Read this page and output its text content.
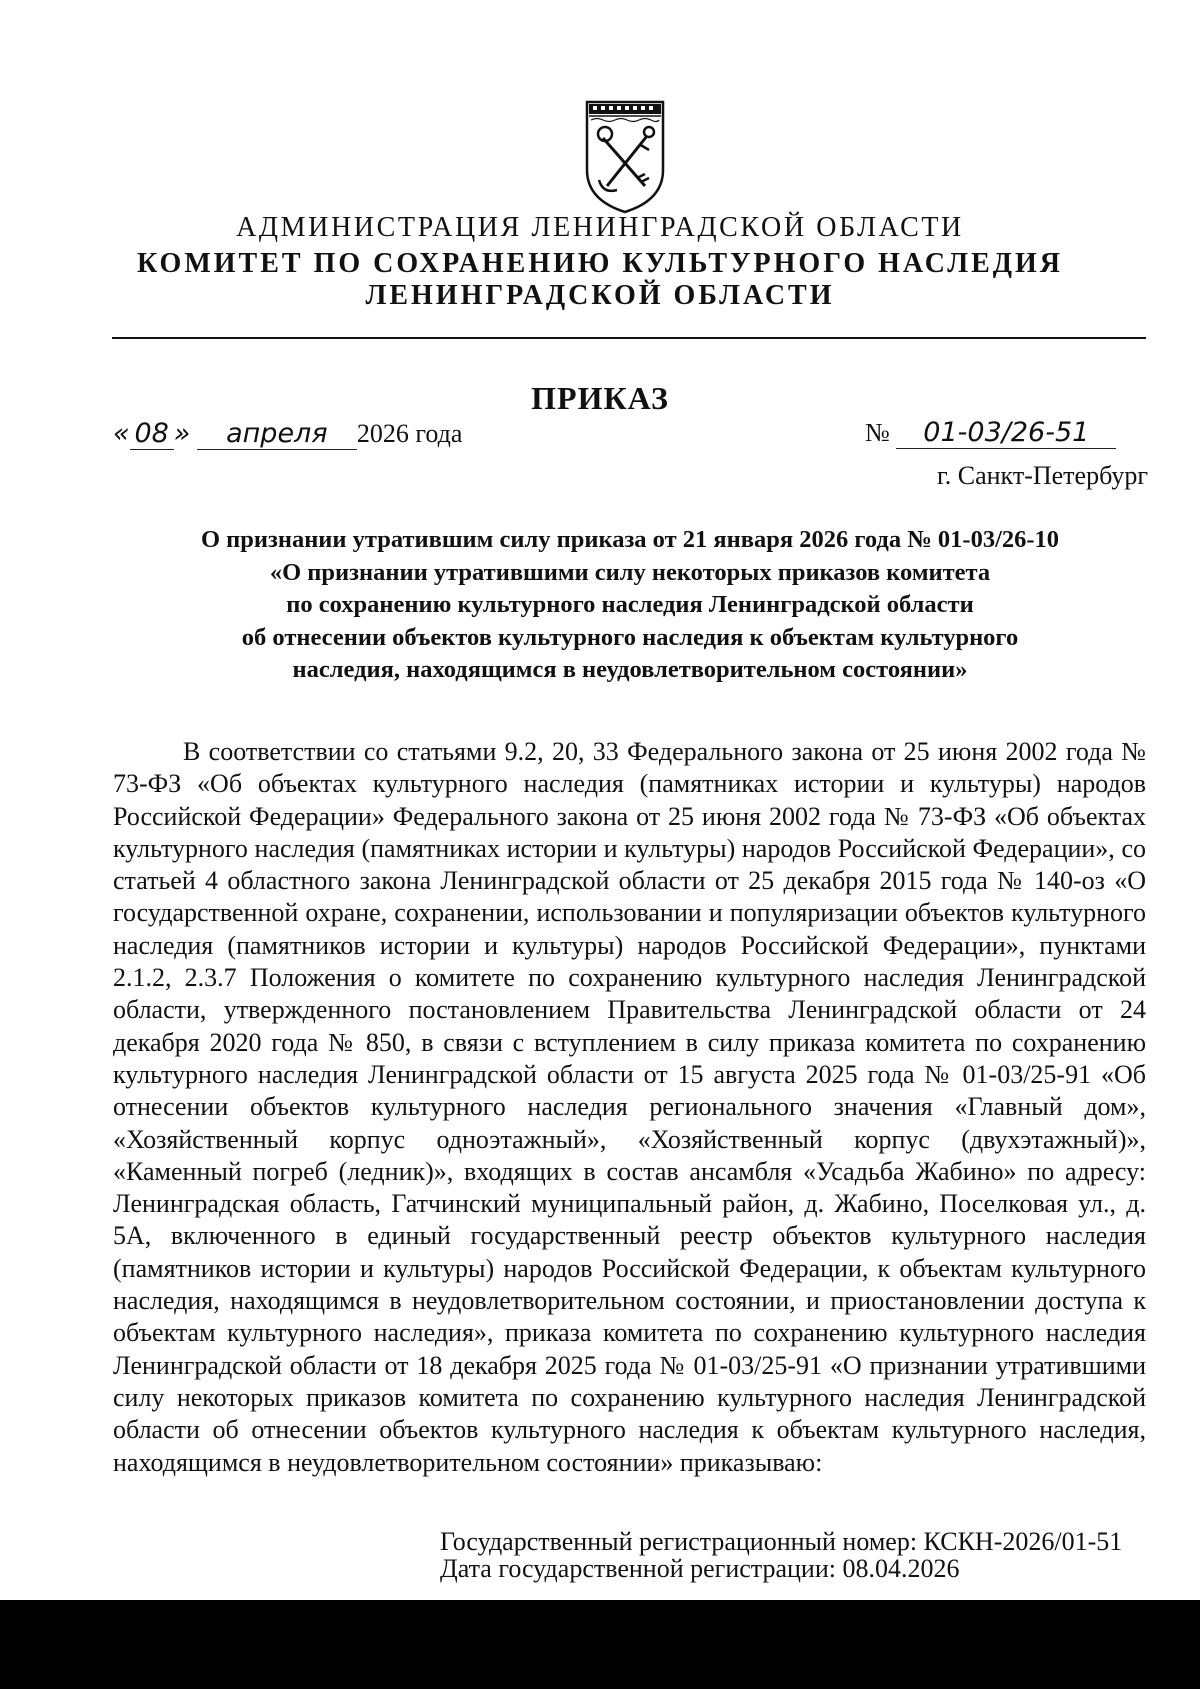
АДМИНИСТРАЦИЯ ЛЕНИНГРАДСКОЙ ОБЛАСТИ
КОМИТЕТ ПО СОХРАНЕНИЮ КУЛЬТУРНОГО НАСЛЕДИЯ
ЛЕНИНГРАДСКОЙ ОБЛАСТИ
ПРИКАЗ
« 08 » апреля 2026 года	№ 01-03/26-51
г. Санкт-Петербург
О признании утратившим силу приказа от 21 января 2026 года № 01-03/26-10
«О признании утратившими силу некоторых приказов комитета
по сохранению культурного наследия Ленинградской области
об отнесении объектов культурного наследия к объектам культурного
наследия, находящимся в неудовлетворительном состоянии»

В соответствии со статьями 9.2, 20, 33 Федерального закона от 25 июня 2002 года № 73-ФЗ «Об объектах культурного наследия (памятниках истории и культуры) народов Российской Федерации» Федерального закона от 25 июня 2002 года № 73-ФЗ «Об объектах культурного наследия (памятниках истории и культуры) народов Российской Федерации», со статьей 4 областного закона Ленинградской области от 25 декабря 2015 года № 140-оз «О государственной охране, сохранении, использовании и популяризации объектов культурного наследия (памятников истории и культуры) народов Российской Федерации», пунктами 2.1.2, 2.3.7 Положения о комитете по сохранению культурного наследия Ленинградской области, утвержденного постановлением Правительства Ленинградской области от 24 декабря 2020 года № 850, в связи с вступлением в силу приказа комитета по сохранению культурного наследия Ленинградской области от 15 августа 2025 года № 01-03/25-91 «Об отнесении объектов культурного наследия регионального значения «Главный дом», «Хозяйственный корпус одноэтажный», «Хозяйственный корпус (двухэтажный)», «Каменный погреб (ледник)», входящих в состав ансамбля «Усадьба Жабино» по адресу: Ленинградская область, Гатчинский муниципальный район, д. Жабино, Поселковая ул., д. 5А, включенного в единый государственный реестр объектов культурного наследия (памятников истории и культуры) народов Российской Федерации, к объектам культурного наследия, находящимся в неудовлетворительном состоянии, и приостановлении доступа к объектам культурного наследия», приказа комитета по сохранению культурного наследия Ленинградской области от 18 декабря 2025 года № 01-03/25-91 «О признании утратившими силу некоторых приказов комитета по сохранению культурного наследия Ленинградской области об отнесении объектов культурного наследия к объектам культурного наследия, находящимся в неудовлетворительном состоянии» приказываю:

Государственный регистрационный номер: КСКН-2026/01-51
Дата государственной регистрации: 08.04.2026
